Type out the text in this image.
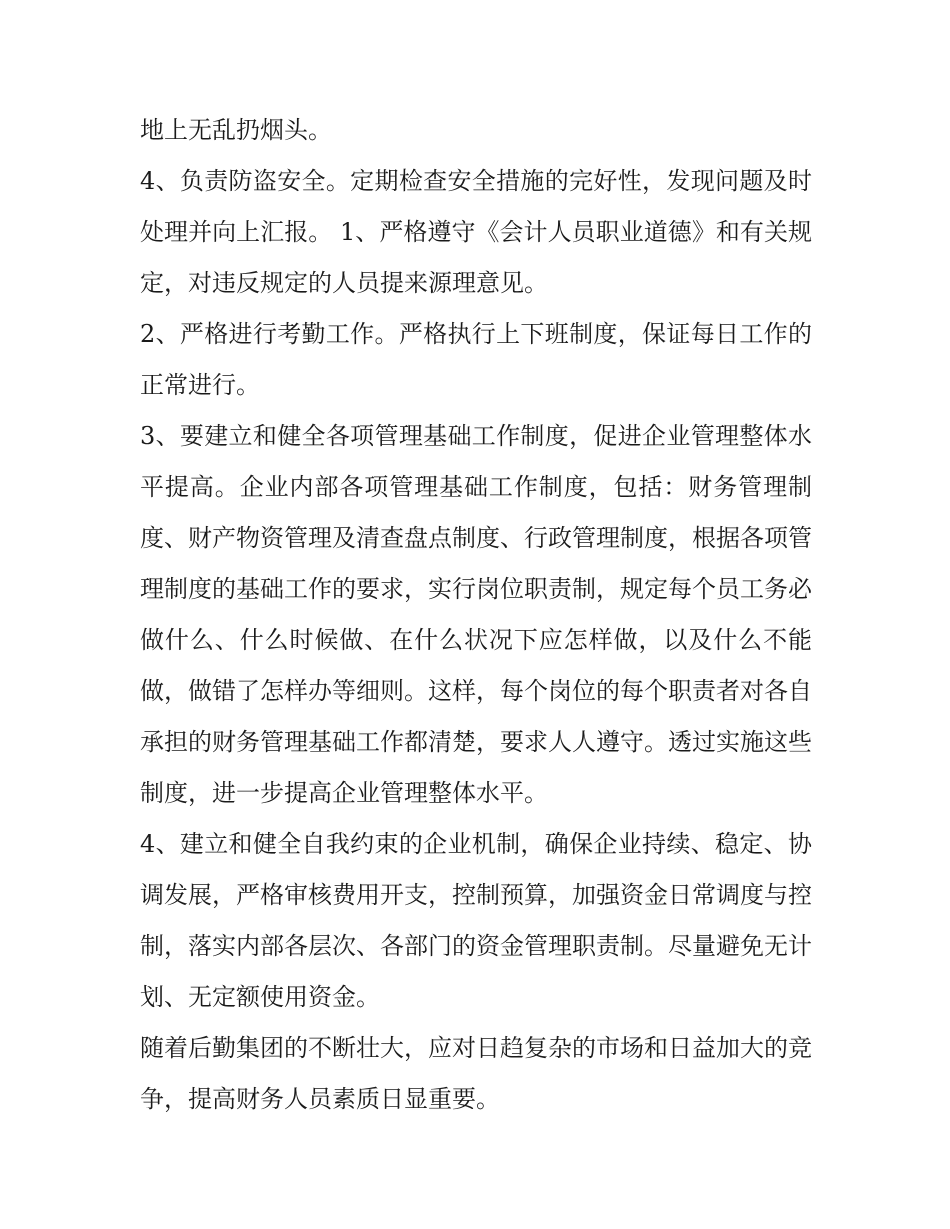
地上无乱扔烟头。

4、负责防盗安全。定期检查安全措施的完好性，发现问题及时处理并向上汇报。 1、严格遵守《会计人员职业道德》和有关规定，对违反规定的人员提来源理意见。

2、严格进行考勤工作。严格执行上下班制度，保证每日工作的正常进行。

3、要建立和健全各项管理基础工作制度，促进企业管理整体水平提高。企业内部各项管理基础工作制度，包括：财务管理制度、财产物资管理及清查盘点制度、行政管理制度，根据各项管理制度的基础工作的要求，实行岗位职责制，规定每个员工务必做什么、什么时候做、在什么状况下应怎样做，以及什么不能做，做错了怎样办等细则。这样，每个岗位的每个职责者对各自承担的财务管理基础工作都清楚，要求人人遵守。透过实施这些制度，进一步提高企业管理整体水平。

4、建立和健全自我约束的企业机制，确保企业持续、稳定、协调发展，严格审核费用开支，控制预算，加强资金日常调度与控制，落实内部各层次、各部门的资金管理职责制。尽量避免无计划、无定额使用资金。

随着后勤集团的不断壮大，应对日趋复杂的市场和日益加大的竞争，提高财务人员素质日显重要。
